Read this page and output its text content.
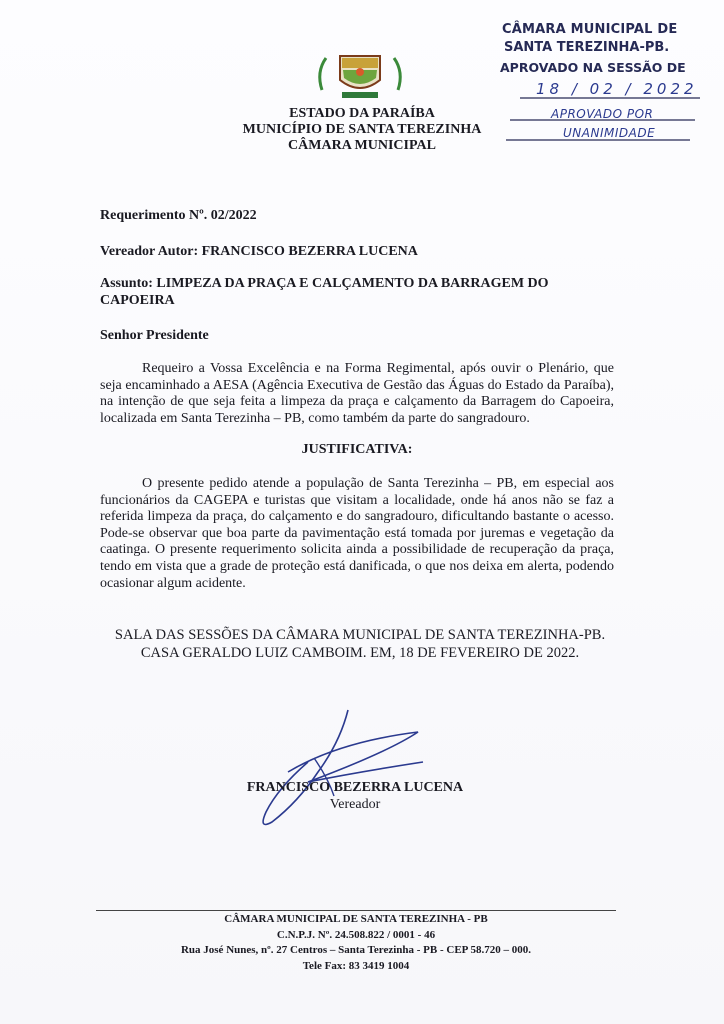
CÂMARA MUNICIPAL DE
SANTA TEREZINHA-PB.
APROVADO NA SESSÃO DE
18 / 02 / 2022
APROVADO POR
UNANIMIDADE
ESTADO DA PARAÍBA
MUNICÍPIO DE SANTA TEREZINHA
CÂMARA MUNICIPAL
Requerimento Nº. 02/2022
Vereador Autor: FRANCISCO BEZERRA LUCENA
Assunto: LIMPEZA DA PRAÇA E CALÇAMENTO DA BARRAGEM DO CAPOEIRA
Senhor Presidente
Requeiro a Vossa Excelência e na Forma Regimental, após ouvir o Plenário, que seja encaminhado a AESA (Agência Executiva de Gestão das Águas do Estado da Paraíba), na intenção de que seja feita a limpeza da praça e calçamento da Barragem do Capoeira, localizada em Santa Terezinha – PB, como também da parte do sangradouro.
JUSTIFICATIVA:
O presente pedido atende a população de Santa Terezinha – PB, em especial aos funcionários da CAGEPA e turistas que visitam a localidade, onde há anos não se faz a referida limpeza da praça, do calçamento e do sangradouro, dificultando bastante o acesso. Pode-se observar que boa parte da pavimentação está tomada por juremas e vegetação da caatinga. O presente requerimento solicita ainda a possibilidade de recuperação da praça, tendo em vista que a grade de proteção está danificada, o que nos deixa em alerta, podendo ocasionar algum acidente.
SALA DAS SESSÕES DA CÂMARA MUNICIPAL DE SANTA TEREZINHA-PB.
CASA GERALDO LUIZ CAMBOIM. EM, 18 DE FEVEREIRO DE 2022.
FRANCISCO BEZERRA LUCENA
Vereador
CÂMARA MUNICIPAL DE SANTA TEREZINHA - PB
C.N.P.J. Nº. 24.508.822 / 0001 - 46
Rua José Nunes, nº. 27 Centros – Santa Terezinha - PB - CEP 58.720 – 000.
Tele Fax: 83 3419 1004
